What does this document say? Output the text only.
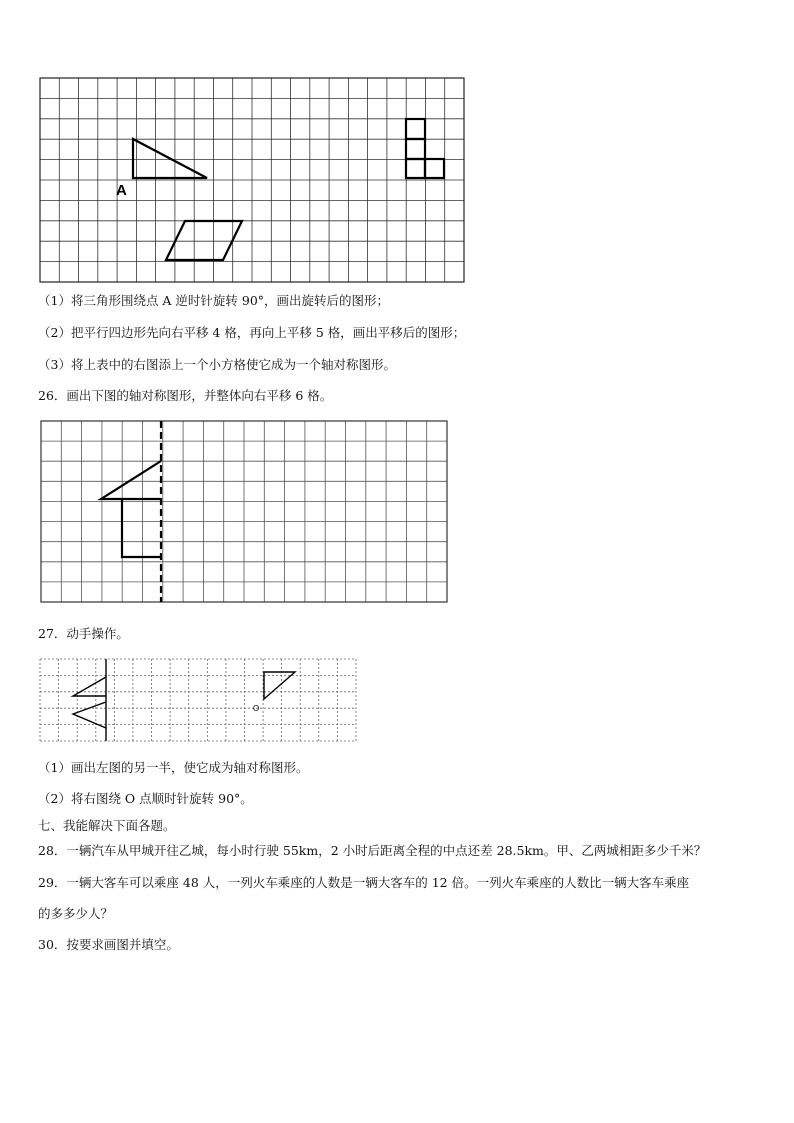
A
（1）将三角形围绕点 A 逆时针旋转 90°，画出旋转后的图形；
（2）把平行四边形先向右平移 4 格，再向上平移 5 格，画出平移后的图形；
（3）将上表中的右图添上一个小方格使它成为一个轴对称图形。
26．画出下图的轴对称图形，并整体向右平移 6 格。
27．动手操作。
O
（1）画出左图的另一半，使它成为轴对称图形。
（2）将右图绕 O 点顺时针旋转 90°。
七、我能解决下面各题。
28．一辆汽车从甲城开往乙城，每小时行驶 55km，2 小时后距离全程的中点还差 28.5km。甲、乙两城相距多少千米？
29．一辆大客车可以乘座 48 人，一列火车乘座的人数是一辆大客车的 12 倍。一列火车乘座的人数比一辆大客车乘座
的多多少人？
30．按要求画图并填空。
